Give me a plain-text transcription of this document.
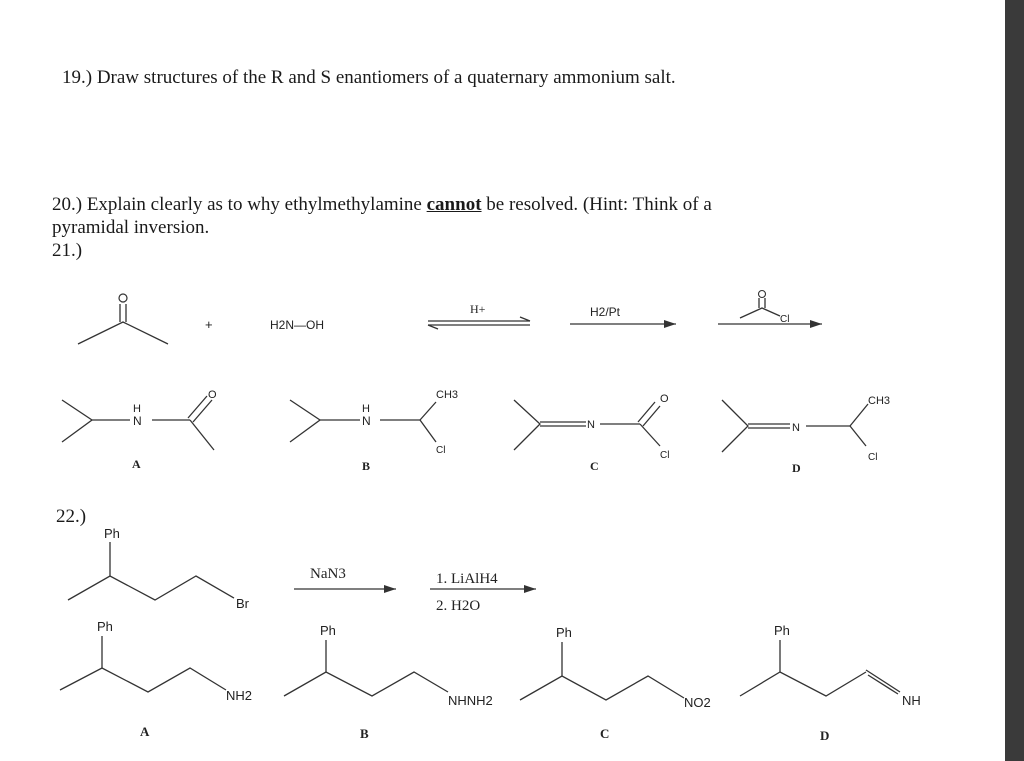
19.) Draw structures of the R and S enantiomers of a quaternary ammonium salt.
20.) Explain clearly as to why ethylmethylamine cannot be resolved. (Hint: Think of a
pyramidal inversion.
21.)
22.)
+	H2N—OH
H+	H2/Pt
Cl
N
H
O
A
N
H
CH3
Cl
B
N
O
Cl
C
N
CH3
Cl
D
Ph
Br
NaN3	1. LiAlH4
2. H2O
Ph
NH2
A
Ph
NHNH2
B
Ph
NO2
C
Ph
NH
D
